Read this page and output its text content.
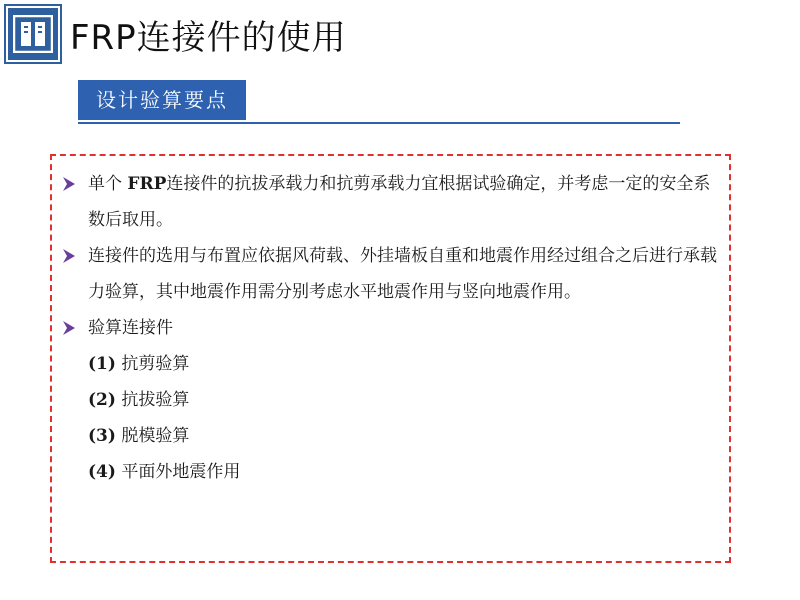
FRP连接件的使用
设计验算要点
单个 FRP连接件的抗拔承载力和抗剪承载力宜根据试验确定，并考虑一定的安全系数后取用。
连接件的选用与布置应依据风荷载、外挂墙板自重和地震作用经过组合之后进行承载力验算，其中地震作用需分别考虑水平地震作用与竖向地震作用。
验算连接件
(1) 抗剪验算
(2) 抗拔验算
(3) 脱模验算
(4) 平面外地震作用
